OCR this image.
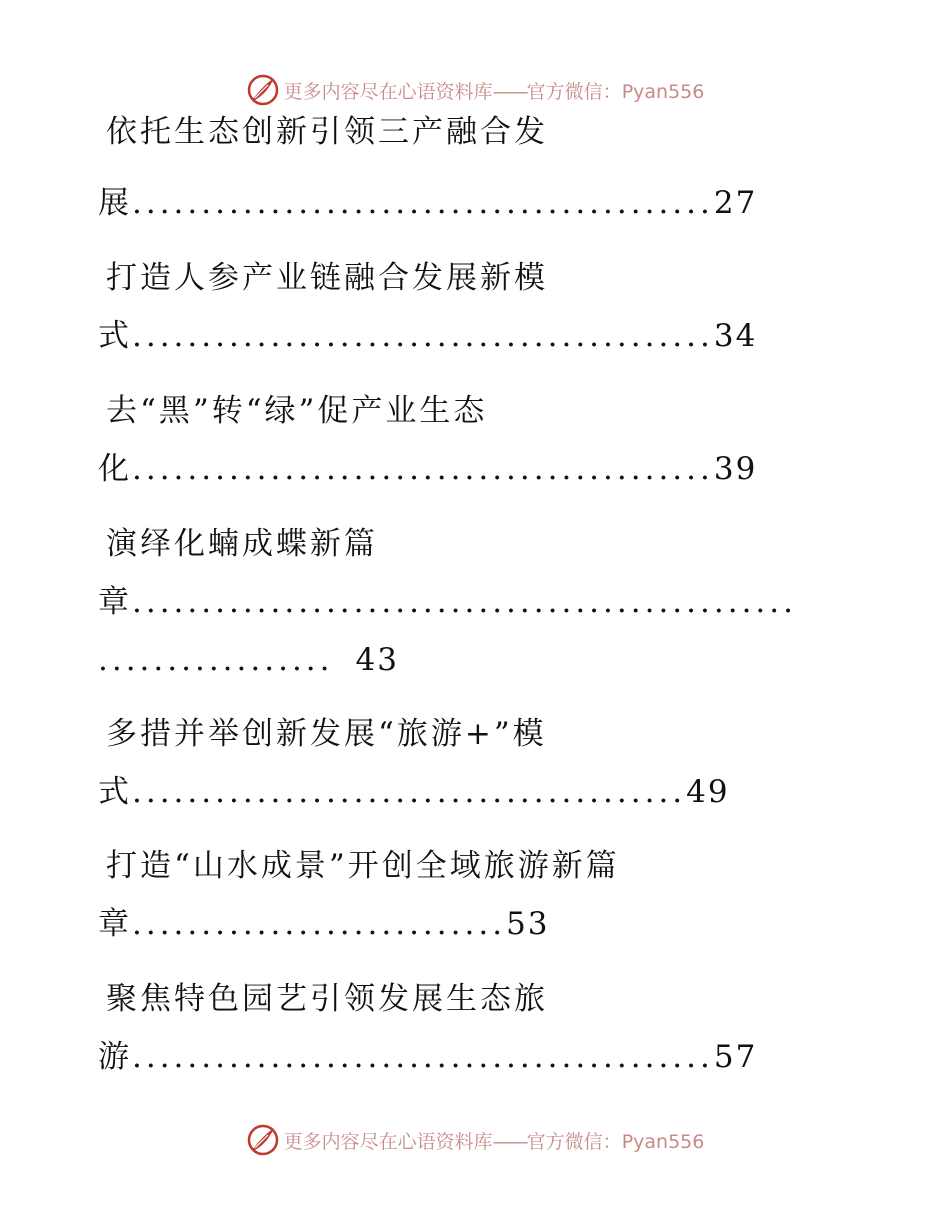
更多内容尽在心语资料库——官方微信：Pyan556
依托生态创新引领三产融合发
展..........................................27
打造人参产业链融合发展新模
式..........................................34
去“黑”转“绿”促产业生态
化..........................................39
演绎化蝻成蝶新篇
章................................................
................. 43
多措并举创新发展“旅游+”模
式........................................49
打造“山水成景”开创全域旅游新篇
章...........................53
聚焦特色园艺引领发展生态旅
游..........................................57
更多内容尽在心语资料库——官方微信：Pyan556
